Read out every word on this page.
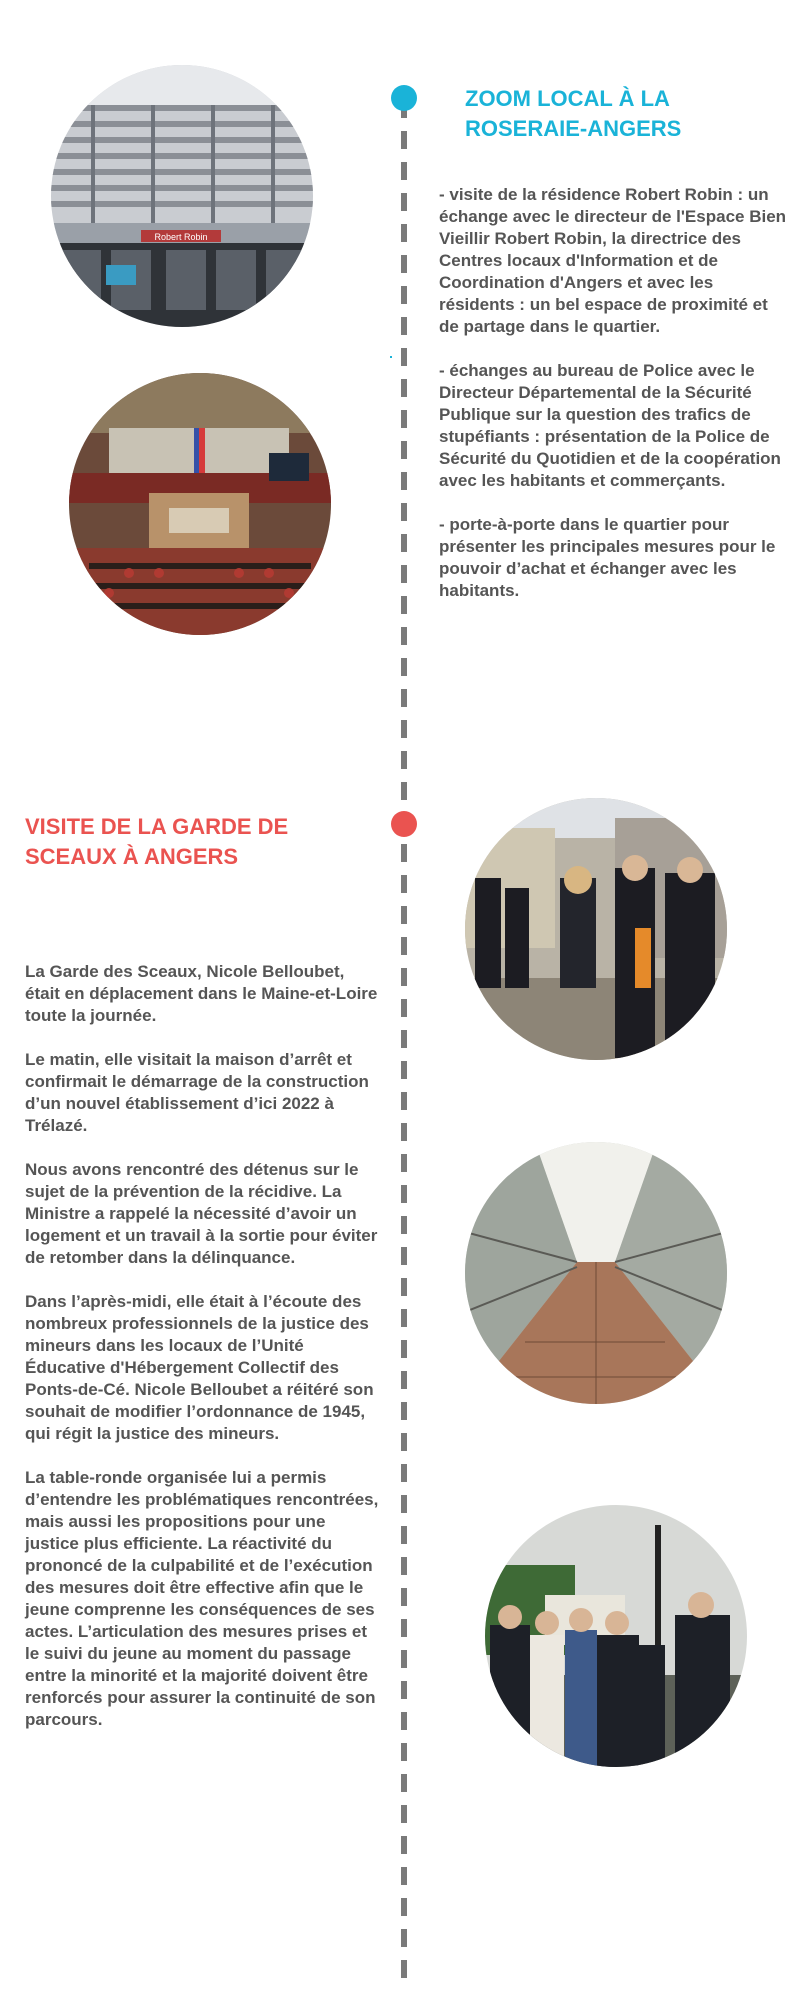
ZOOM LOCAL À LA ROSERAIE-ANGERS

- visite de la résidence Robert Robin : un échange avec le directeur de l'Espace Bien Vieillir Robert Robin, la directrice des Centres locaux d'Information et de Coordination d'Angers et avec les résidents : un bel espace de proximité et de partage dans le quartier.

- échanges au bureau de Police avec le Directeur Départemental de la Sécurité Publique sur la question des trafics de stupéfiants : présentation de la Police de Sécurité du Quotidien et de la coopération avec les habitants et commerçants.

- porte-à-porte dans le quartier pour présenter les principales mesures pour le pouvoir d’achat et échanger avec les habitants.

Robert Robin
VISITE DE LA GARDE DE SCEAUX À ANGERS

La Garde des Sceaux, Nicole Belloubet, était en déplacement dans le Maine-et-Loire toute la journée.

Le matin, elle visitait la maison d’arrêt et confirmait le démarrage de la construction d’un nouvel établissement d’ici 2022 à Trélazé.

Nous avons rencontré des détenus sur le sujet de la prévention de la récidive. La Ministre a rappelé la nécessité d’avoir un logement et un travail à la sortie pour éviter de retomber dans la délinquance.

Dans l’après-midi, elle était à l’écoute des nombreux professionnels de la justice des mineurs dans les locaux de l’Unité Éducative d'Hébergement Collectif des Ponts-de-Cé. Nicole Belloubet a réitéré son souhait de modifier l’ordonnance de 1945, qui régit la justice des mineurs.

La table-ronde organisée lui a permis d’entendre les problématiques rencontrées, mais aussi les propositions pour une justice plus efficiente. La réactivité du prononcé de la culpabilité et de l’exécution des mesures doit être effective afin que le jeune comprenne les conséquences de ses actes. L’articulation des mesures prises et le suivi du jeune au moment du passage entre la minorité et la majorité doivent être renforcés pour assurer la continuité de son parcours.
